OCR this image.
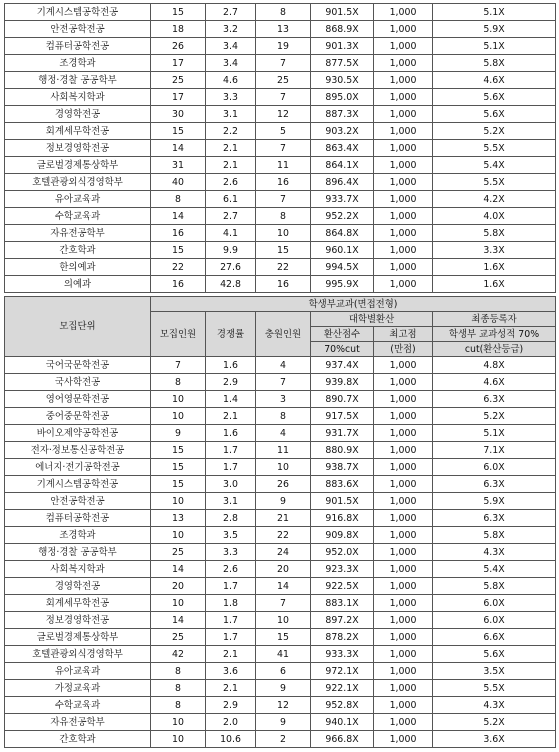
기계시스템공학전공	15	2.7	8	901.5X	1,000	5.1X
안전공학전공	18	3.2	13	868.9X	1,000	5.9X
컴퓨터공학전공	26	3.4	19	901.3X	1,000	5.1X
조경학과	17	3.4	7	877.5X	1,000	5.8X
행정·경찰 공공학부	25	4.6	25	930.5X	1,000	4.6X
사회복지학과	17	3.3	7	895.0X	1,000	5.6X
경영학전공	30	3.1	12	887.3X	1,000	5.6X
회계세무학전공	15	2.2	5	903.2X	1,000	5.2X
정보경영학전공	14	2.1	7	863.4X	1,000	5.5X
글로벌경제통상학부	31	2.1	11	864.1X	1,000	5.4X
호텔관광외식경영학부	40	2.6	16	896.4X	1,000	5.5X
유아교육과	8	6.1	7	933.7X	1,000	4.2X
수학교육과	14	2.7	8	952.2X	1,000	4.0X
자유전공학부	16	4.1	10	864.8X	1,000	5.8X
간호학과	15	9.9	15	960.1X	1,000	3.3X
한의예과	22	27.6	22	994.5X	1,000	1.6X
의예과	16	42.8	16	995.9X	1,000	1.6X
모집단위	학생부교과(면접전형)					
	모집인원	경쟁률	충원인원	대학별환산		최종등록자
				환산점수	최고점	학생부 교과성적 70%
				70%cut	(만점)	cut(환산등급)
국어국문학전공	7	1.6	4	937.4X	1,000	4.8X
국사학전공	8	2.9	7	939.8X	1,000	4.6X
영어영문학전공	10	1.4	3	890.7X	1,000	6.3X
중어중문학전공	10	2.1	8	917.5X	1,000	5.2X
바이오제약공학전공	9	1.6	4	931.7X	1,000	5.1X
전자·정보통신공학전공	15	1.7	11	880.9X	1,000	7.1X
에너지·전기공학전공	15	1.7	10	938.7X	1,000	6.0X
기계시스템공학전공	15	3.0	26	883.6X	1,000	6.3X
안전공학전공	10	3.1	9	901.5X	1,000	5.9X
컴퓨터공학전공	13	2.8	21	916.8X	1,000	6.3X
조경학과	10	3.5	22	909.8X	1,000	5.8X
행정·경찰 공공학부	25	3.3	24	952.0X	1,000	4.3X
사회복지학과	14	2.6	20	923.3X	1,000	5.4X
경영학전공	20	1.7	14	922.5X	1,000	5.8X
회계세무학전공	10	1.8	7	883.1X	1,000	6.0X
정보경영학전공	14	1.7	10	897.2X	1,000	6.0X
글로벌경제통상학부	25	1.7	15	878.2X	1,000	6.6X
호텔관광외식경영학부	42	2.1	41	933.3X	1,000	5.6X
유아교육과	8	3.6	6	972.1X	1,000	3.5X
가정교육과	8	2.1	9	922.1X	1,000	5.5X
수학교육과	8	2.9	12	952.8X	1,000	4.3X
자유전공학부	10	2.0	9	940.1X	1,000	5.2X
간호학과	10	10.6	2	966.8X	1,000	3.6X
